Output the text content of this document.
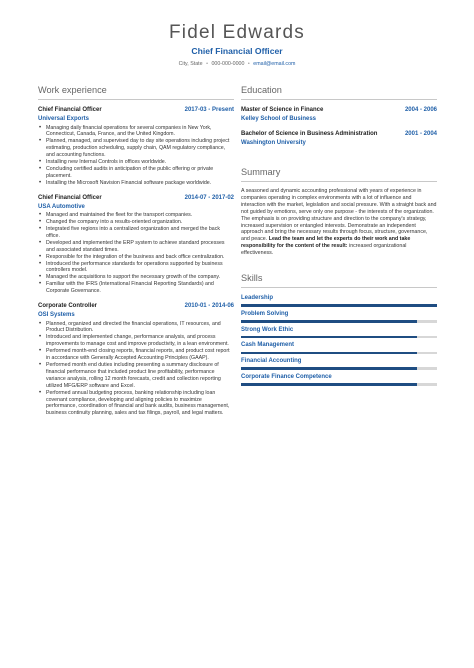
Fidel Edwards
Chief Financial Officer
City, State • 000-000-0000 • email@email.com
Work experience
Chief Financial Officer	2017-03 - Present
Universal Exports
• Managing daily financial operations for several companies in New York, Connecticut, Canada, France, and the United Kingdom.
• Planned, managed, and supervised day to day site operations including project estimating, production scheduling, supply chain, QAM regulatory compliance, and accounting functions.
• Installing new Internal Controls in offices worldwide.
• Concluding certified audits in anticipation of the public offering or private placement.
• Installing the Microsoft Navision Financial software package worldwide.
Chief Financial Officer	2014-07 - 2017-02
USA Automotive
• Managed and maintained the fleet for the transport companies.
• Changed the company into a results-oriented organization.
• Integrated five regions into a centralized organization and merged the back office.
• Developed and implemented the ERP system to achieve standard processes and associated standard times.
• Responsible for the integration of the business and back office centralization.
• Introduced the performance standards for operations supported by business controllers model.
• Managed the acquisitions to support the necessary growth of the company.
• Familiar with the IFRS (International Financial Reporting Standards) and Corporate Governance.
Corporate Controller	2010-01 - 2014-06
OSI Systems
• Planned, organized and directed the financial operations, IT resources, and Product Distribution.
• Introduced and implemented change, performance analysis, and process improvements to manage cost and improve productivity, in a lean environment.
• Performed month-end closing reports, financial reports, and product cost report in accordance with Generally Accepted Accounting Principles (GAAP).
• Performed month end duties including presenting a summary disclosure of financial performance that included product line profitability, performance variance analysis, rolling 12 month forecasts, credit and collection reporting utilized MFG/ERP software and Excel.
• Performed annual budgeting process, banking relationship including loan covenant compliance, developing and aligning policies to maximize performance, coordination of financial and bank audits, business management, business continuity planning, sales and tax filings, payroll, and legal matters.
Education
Master of Science in Finance	2004 - 2006
Kelley School of Business
Bachelor of Science in Business Administration	2001 - 2004
Washington University
Summary
A seasoned and dynamic accounting professional with years of experience in companies operating in complex environments with a lot of influence and interaction with the market, legislation and social pressure. With a straight back and not guided by emotions, serve only one purpose - the interests of the organization. The emphasis is on providing structure and direction to the company's strategy, increased supervision or entangled interests. Demonstrate an independent approach and bring the necessary results through focus, structure, governance, and peace. Lead the team and let the experts do their work and take responsibility for the content of the result: increased organizational effectiveness.
Skills
Leadership
Problem Solving
Strong Work Ethic
Cash Management
Financial Accounting
Corporate Finance Competence
